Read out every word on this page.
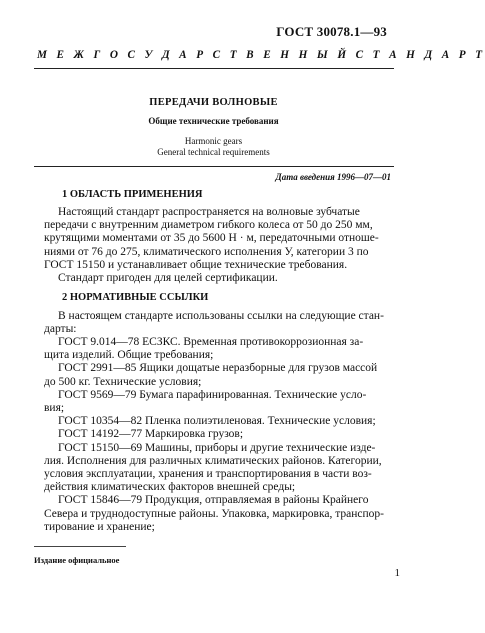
ГОСТ 30078.1—93
М Е Ж Г О С У Д А Р С Т В Е Н Н Ы Й С Т А Н Д А Р Т
ПЕРЕДАЧИ ВОЛНОВЫЕ
Общие технические требования
Harmonic gears
General technical requirements
Дата введения 1996—07—01
1 ОБЛАСТЬ ПРИМЕНЕНИЯ
Настоящий стандарт распространяется на волновые зубчатые
передачи с внутренним диаметром гибкого колеса от 50 до 250 мм,
крутящими моментами от 35 до 5600 Н · м, передаточными отноше-
ниями от 76 до 275, климатического исполнения У, категории 3 по
ГОСТ 15150 и устанавливает общие технические требования.
Стандарт пригоден для целей сертификации.
2 НОРМАТИВНЫЕ ССЫЛКИ
В настоящем стандарте использованы ссылки на следующие стан-
дарты:
ГОСТ 9.014—78 ЕСЗКС. Временная противокоррозионная за-
щита изделий. Общие требования;
ГОСТ 2991—85 Ящики дощатые неразборные для грузов массой
до 500 кг. Технические условия;
ГОСТ 9569—79 Бумага парафинированная. Технические усло-
вия;
ГОСТ 10354—82 Пленка полиэтиленовая. Технические условия;
ГОСТ 14192—77 Маркировка грузов;
ГОСТ 15150—69 Машины, приборы и другие технические изде-
лия. Исполнения для различных климатических районов. Категории,
условия эксплуатации, хранения и транспортирования в части воз-
действия климатических факторов внешней среды;
ГОСТ 15846—79 Продукция, отправляемая в районы Крайнего
Севера и труднодоступные районы. Упаковка, маркировка, транспор-
тирование и хранение;
Издание официальное
1
